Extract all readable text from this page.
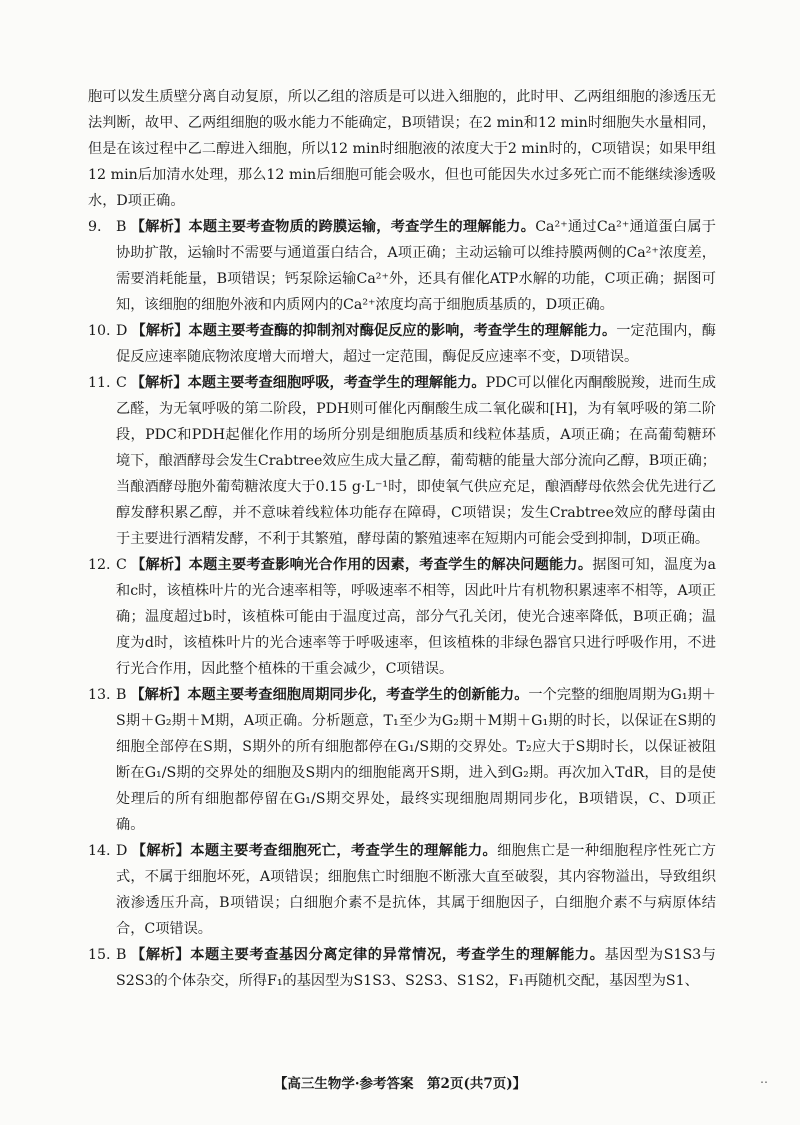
胞可以发生质壁分离自动复原，所以乙组的溶质是可以进入细胞的，此时甲、乙两组细胞的渗透压无法判断，故甲、乙两组细胞的吸水能力不能确定，B项错误；在2 min和12 min时细胞失水量相同，但是在该过程中乙二醇进入细胞，所以12 min时细胞液的浓度大于2 min时的，C项错误；如果甲组12 min后加清水处理，那么12 min后细胞可能会吸水，但也可能因失水过多死亡而不能继续渗透吸水，D项正确。

9. B 【解析】本题主要考查物质的跨膜运输，考查学生的理解能力。Ca²⁺通过Ca²⁺通道蛋白属于协助扩散，运输时不需要与通道蛋白结合，A项正确；主动运输可以维持膜两侧的Ca²⁺浓度差，需要消耗能量，B项错误；钙泵除运输Ca²⁺外，还具有催化ATP水解的功能，C项正确；据图可知，该细胞的细胞外液和内质网内的Ca²⁺浓度均高于细胞质基质的，D项正确。

10. D 【解析】本题主要考查酶的抑制剂对酶促反应的影响，考查学生的理解能力。一定范围内，酶促反应速率随底物浓度增大而增大，超过一定范围，酶促反应速率不变，D项错误。

11. C 【解析】本题主要考查细胞呼吸，考查学生的理解能力。PDC可以催化丙酮酸脱羧，进而生成乙醛，为无氧呼吸的第二阶段，PDH则可催化丙酮酸生成二氧化碳和[H]，为有氧呼吸的第二阶段，PDC和PDH起催化作用的场所分别是细胞质基质和线粒体基质，A项正确；在高葡萄糖环境下，酿酒酵母会发生Crabtree效应生成大量乙醇，葡萄糖的能量大部分流向乙醇，B项正确；当酿酒酵母胞外葡萄糖浓度大于0.15 g·L⁻¹时，即使氧气供应充足，酿酒酵母依然会优先进行乙醇发酵积累乙醇，并不意味着线粒体功能存在障碍，C项错误；发生Crabtree效应的酵母菌由于主要进行酒精发酵，不利于其繁殖，酵母菌的繁殖速率在短期内可能会受到抑制，D项正确。

12. C 【解析】本题主要考查影响光合作用的因素，考查学生的解决问题能力。据图可知，温度为a和c时，该植株叶片的光合速率相等，呼吸速率不相等，因此叶片有机物积累速率不相等，A项正确；温度超过b时，该植株可能由于温度过高，部分气孔关闭，使光合速率降低，B项正确；温度为d时，该植株叶片的光合速率等于呼吸速率，但该植株的非绿色器官只进行呼吸作用，不进行光合作用，因此整个植株的干重会减少，C项错误。

13. B 【解析】本题主要考查细胞周期同步化，考查学生的创新能力。一个完整的细胞周期为G₁期＋S期＋G₂期＋M期，A项正确。分析题意，T₁至少为G₂期＋M期＋G₁期的时长，以保证在S期的细胞全部停在S期，S期外的所有细胞都停在G₁/S期的交界处。T₂应大于S期时长，以保证被阻断在G₁/S期的交界处的细胞及S期内的细胞能离开S期，进入到G₂期。再次加入TdR，目的是使处理后的所有细胞都停留在G₁/S期交界处，最终实现细胞周期同步化，B项错误，C、D项正确。

14. D 【解析】本题主要考查细胞死亡，考查学生的理解能力。细胞焦亡是一种细胞程序性死亡方式，不属于细胞坏死，A项错误；细胞焦亡时细胞不断涨大直至破裂，其内容物溢出，导致组织液渗透压升高，B项错误；白细胞介素不是抗体，其属于细胞因子，白细胞介素不与病原体结合，C项错误。

15. B 【解析】本题主要考查基因分离定律的异常情况，考查学生的理解能力。基因型为S1S3与S2S3的个体杂交，所得F₁的基因型为S1S3、S2S3、S1S2，F₁再随机交配，基因型为S1、

【高三生物学·参考答案　第2页(共7页)】	‥
